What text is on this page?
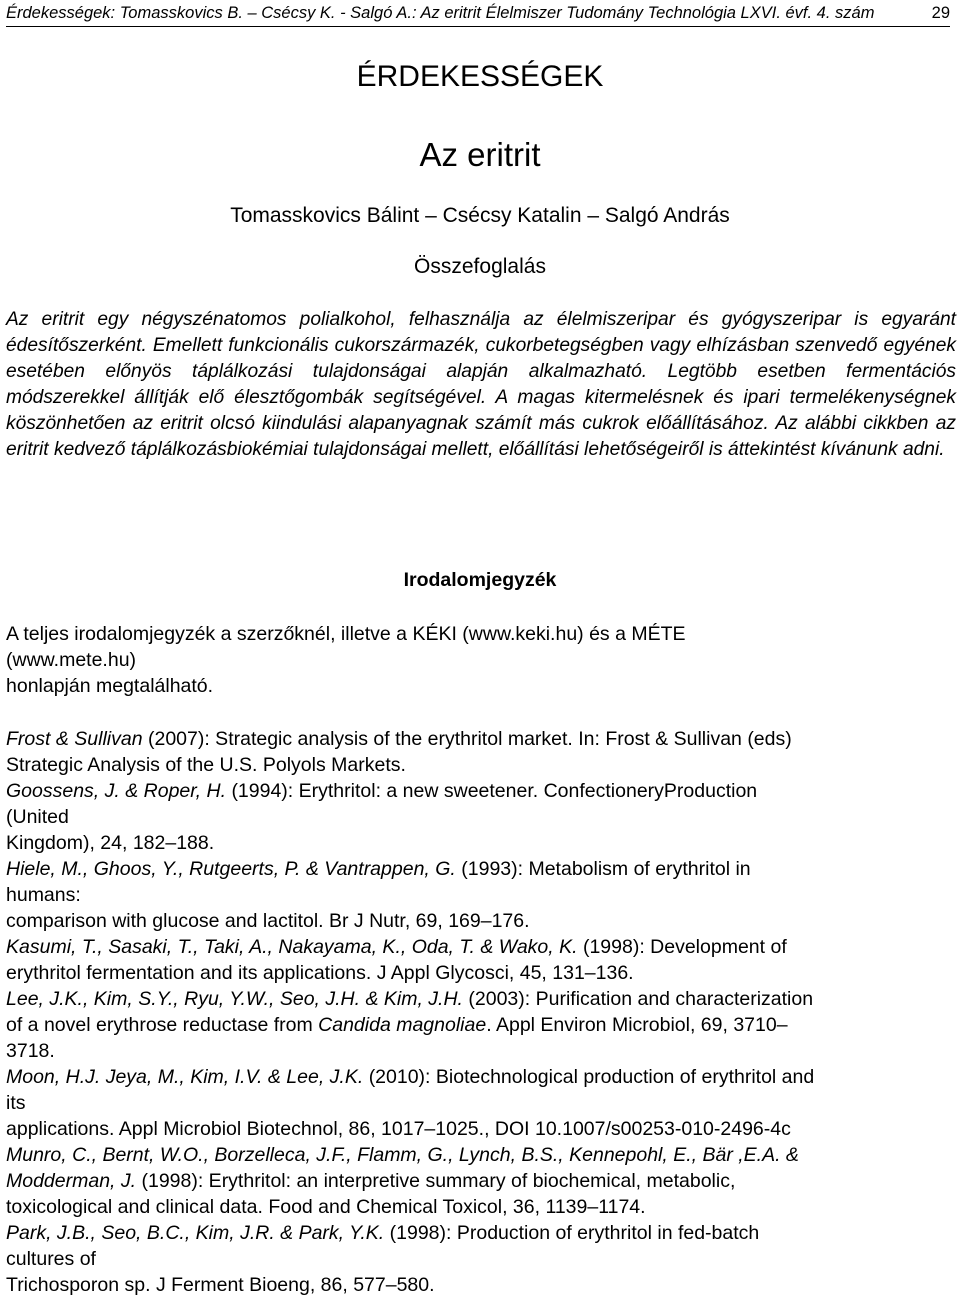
Érdekességek: Tomasskovics B. – Csécsy K. - Salgó A.: Az eritrit Élelmiszer Tudomány Technológia LXVI. évf. 4. szám	29
ÉRDEKESSÉGEK
Az eritrit
Tomasskovics Bálint – Csécsy Katalin – Salgó András
Összefoglalás
Az eritrit egy négyszénatomos polialkohol, felhasználja az élelmiszeripar és gyógyszeripar is egyaránt édesítőszerként. Emellett funkcionális cukorszármazék, cukorbetegségben vagy elhízásban szenvedő egyének esetében előnyös táplálkozási tulajdonságai alapján alkalmazható. Legtöbb esetben fermentációs módszerekkel állítják elő élesztőgombák segítségével. A magas kitermelésnek és ipari termelékenységnek köszönhetően az eritrit olcsó kiindulási alapanyagnak számít más cukrok előállításához. Az alábbi cikkben az eritrit kedvező táplálkozásbiokémiai tulajdonságai mellett, előállítási lehetőségeiről is áttekintést kívánunk adni.
Irodalomjegyzék
A teljes irodalomjegyzék a szerzőknél, illetve a KÉKI (www.keki.hu) és a MÉTE
(www.mete.hu)
honlapján megtalálható.
Frost & Sullivan (2007): Strategic analysis of the erythritol market. In: Frost & Sullivan (eds)
Strategic Analysis of the U.S. Polyols Markets.
Goossens, J. & Roper, H. (1994): Erythritol: a new sweetener. ConfectioneryProduction
(United
Kingdom), 24, 182–188.
Hiele, M., Ghoos, Y., Rutgeerts, P. & Vantrappen, G. (1993): Metabolism of erythritol in
humans:
comparison with glucose and lactitol. Br J Nutr, 69, 169–176.
Kasumi, T., Sasaki, T., Taki, A., Nakayama, K., Oda, T. & Wako, K. (1998): Development of
erythritol fermentation and its applications. J Appl Glycosci, 45, 131–136.
Lee, J.K., Kim, S.Y., Ryu, Y.W., Seo, J.H. & Kim, J.H. (2003): Purification and characterization
of a novel erythrose reductase from Candida magnoliae. Appl Environ Microbiol, 69, 3710–
3718.
Moon, H.J. Jeya, M., Kim, I.V. & Lee, J.K. (2010): Biotechnological production of erythritol and
its
applications. Appl Microbiol Biotechnol, 86, 1017–1025., DOI 10.1007/s00253-010-2496-4c
Munro, C., Bernt, W.O., Borzelleca, J.F., Flamm, G., Lynch, B.S., Kennepohl, E., Bär ,E.A. &
Modderman, J. (1998): Erythritol: an interpretive summary of biochemical, metabolic,
toxicological and clinical data. Food and Chemical Toxicol, 36, 1139–1174.
Park, J.B., Seo, B.C., Kim, J.R. & Park, Y.K. (1998): Production of erythritol in fed-batch
cultures of
Trichosporon sp. J Ferment Bioeng, 86, 577–580.
